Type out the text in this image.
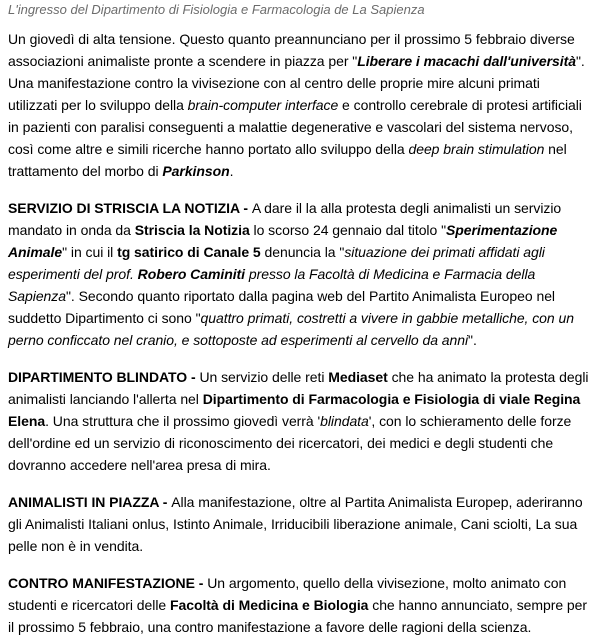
L'ingresso del Dipartimento di Fisiologia e Farmacologia de La Sapienza

Un giovedì di alta tensione. Questo quanto preannunciano per il prossimo 5 febbraio diverse associazioni animaliste pronte a scendere in piazza per "Liberare i macachi dall'università". Una manifestazione contro la vivisezione con al centro delle proprie mire alcuni primati utilizzati per lo sviluppo della brain-computer interface e controllo cerebrale di protesi artificiali in pazienti con paralisi conseguenti a malattie degenerative e vascolari del sistema nervoso, così come altre e simili ricerche hanno portato allo sviluppo della deep brain stimulation nel trattamento del morbo di Parkinson.

SERVIZIO DI STRISCIA LA NOTIZIA - A dare il la alla protesta degli animalisti un servizio mandato in onda da Striscia la Notizia lo scorso 24 gennaio dal titolo "Sperimentazione Animale" in cui il tg satirico di Canale 5 denuncia la "situazione dei primati affidati agli esperimenti del prof. Robero Caminiti presso la Facoltà di Medicina e Farmacia della Sapienza". Secondo quanto riportato dalla pagina web del Partito Animalista Europeo nel suddetto Dipartimento ci sono "quattro primati, costretti a vivere in gabbie metalliche, con un perno conficcato nel cranio, e sottoposte ad esperimenti al cervello da anni".

DIPARTIMENTO BLINDATO - Un servizio delle reti Mediaset che ha animato la protesta degli animalisti lanciando l'allerta nel Dipartimento di Farmacologia e Fisiologia di viale Regina Elena. Una struttura che il prossimo giovedì verrà 'blindata', con lo schieramento delle forze dell'ordine ed un servizio di riconoscimento dei ricercatori, dei medici e degli studenti che dovranno accedere nell'area presa di mira.

ANIMALISTI IN PIAZZA - Alla manifestazione, oltre al Partita Animalista Europep, aderiranno gli Animalisti Italiani onlus, Istinto Animale, Irriducibili liberazione animale, Cani sciolti, La sua pelle non è in vendita.

CONTRO MANIFESTAZIONE - Un argomento, quello della vivisezione, molto animato con studenti e ricercatori delle Facoltà di Medicina e Biologia che hanno annunciato, sempre per il prossimo 5 febbraio, una contro manifestazione a favore delle ragioni della scienza.
